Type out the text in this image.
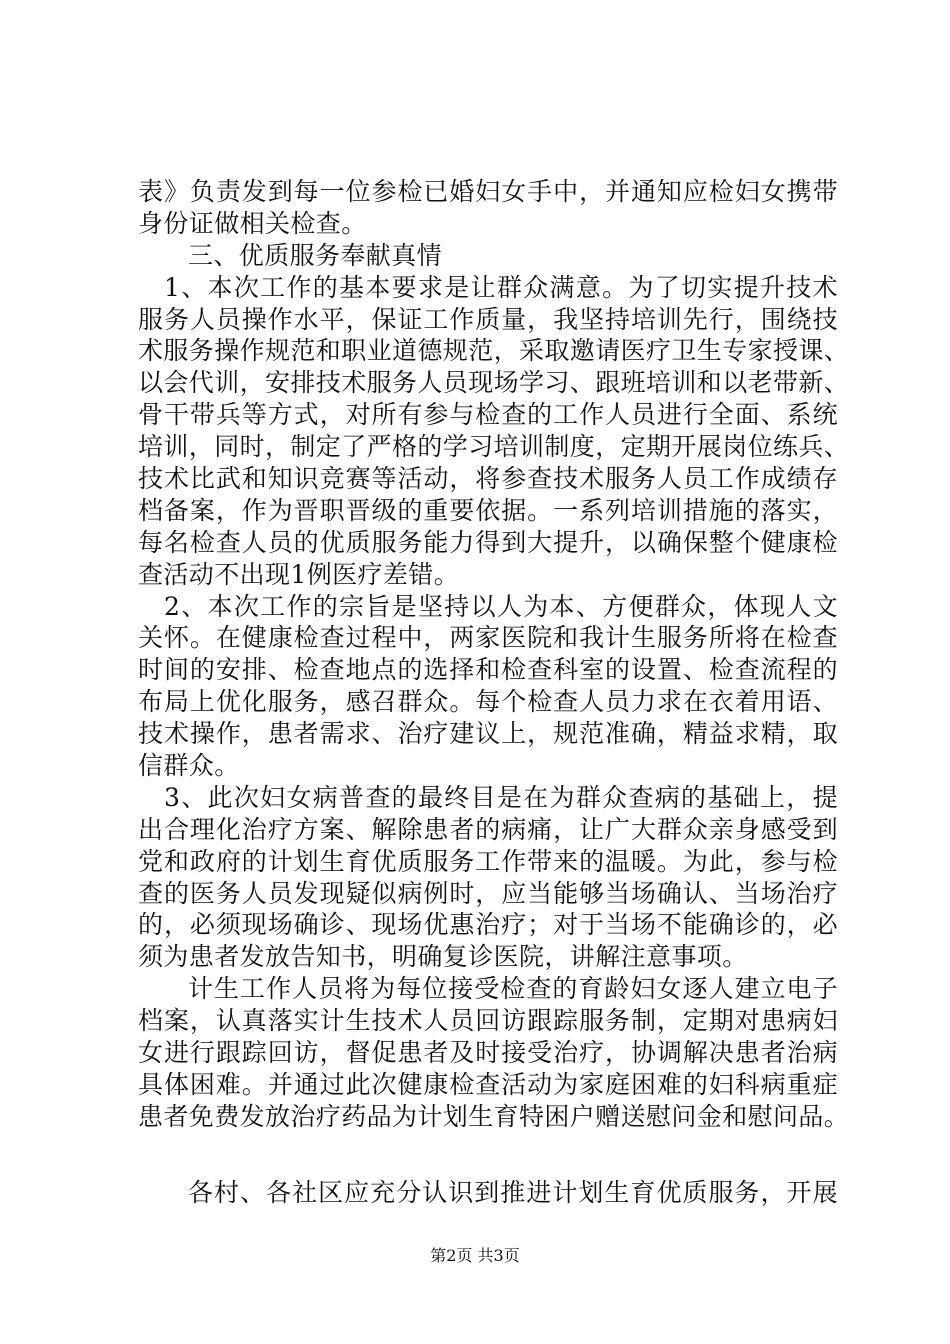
表》负责发到每一位参检已婚妇女手中，并通知应检妇女携带
身份证做相关检查。
三、优质服务奉献真情
1、本次工作的基本要求是让群众满意。为了切实提升技术
服务人员操作水平，保证工作质量，我坚持培训先行，围绕技
术服务操作规范和职业道德规范，采取邀请医疗卫生专家授课、
以会代训，安排技术服务人员现场学习、跟班培训和以老带新、
骨干带兵等方式，对所有参与检查的工作人员进行全面、系统
培训，同时，制定了严格的学习培训制度，定期开展岗位练兵、
技术比武和知识竞赛等活动，将参查技术服务人员工作成绩存
档备案，作为晋职晋级的重要依据。一系列培训措施的落实，
每名检查人员的优质服务能力得到大提升，以确保整个健康检
查活动不出现1例医疗差错。
2、本次工作的宗旨是坚持以人为本、方便群众，体现人文
关怀。在健康检查过程中，两家医院和我计生服务所将在检查
时间的安排、检查地点的选择和检查科室的设置、检查流程的
布局上优化服务，感召群众。每个检查人员力求在衣着用语、
技术操作，患者需求、治疗建议上，规范准确，精益求精，取
信群众。
3、此次妇女病普查的最终目是在为群众查病的基础上，提
出合理化治疗方案、解除患者的病痛，让广大群众亲身感受到
党和政府的计划生育优质服务工作带来的温暖。为此，参与检
查的医务人员发现疑似病例时，应当能够当场确认、当场治疗
的，必须现场确诊、现场优惠治疗；对于当场不能确诊的，必
须为患者发放告知书，明确复诊医院，讲解注意事项。
计生工作人员将为每位接受检查的育龄妇女逐人建立电子
档案，认真落实计生技术人员回访跟踪服务制，定期对患病妇
女进行跟踪回访，督促患者及时接受治疗，协调解决患者治病
具体困难。并通过此次健康检查活动为家庭困难的妇科病重症
患者免费发放治疗药品为计划生育特困户赠送慰问金和慰问品。
各村、各社区应充分认识到推进计划生育优质服务，开展
第2页 共3页
